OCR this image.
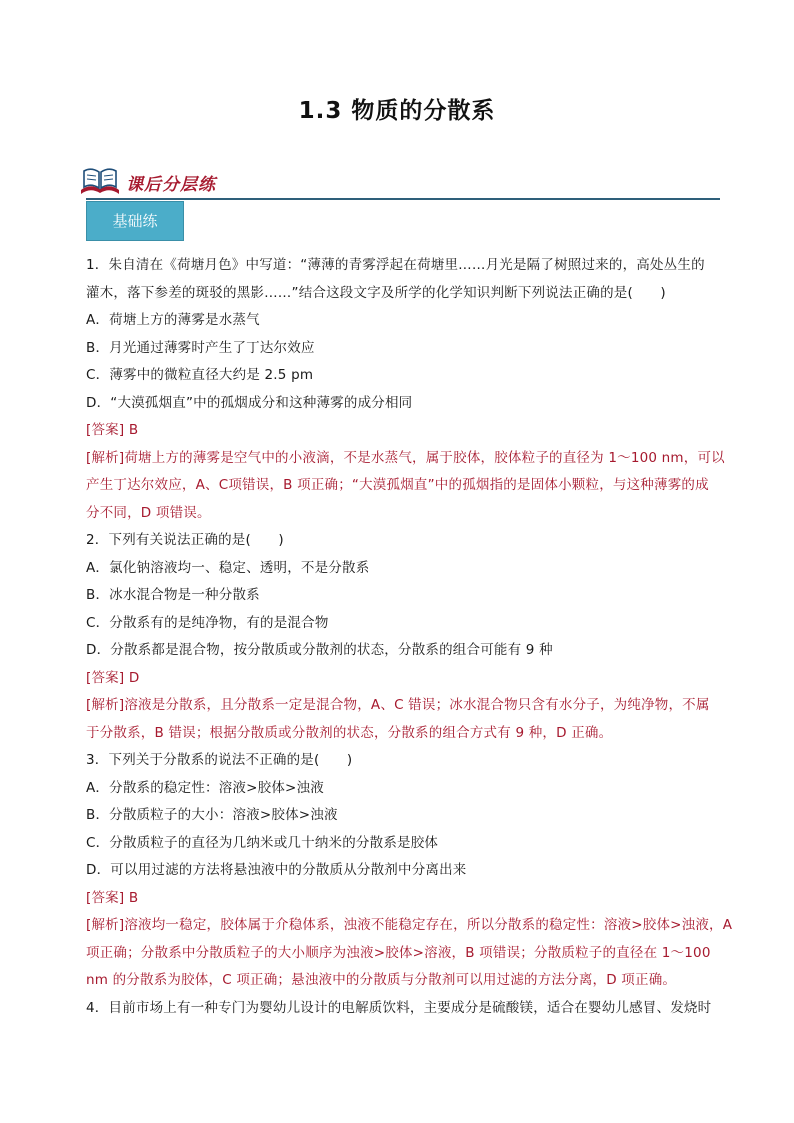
1.3 物质的分散系
课后分层练
基础练
1．朱自清在《荷塘月色》中写道：“薄薄的青雾浮起在荷塘里……月光是隔了树照过来的，高处丛生的
灌木，落下参差的斑驳的黑影……”结合这段文字及所学的化学知识判断下列说法正确的是(　　)
A．荷塘上方的薄雾是水蒸气
B．月光通过薄雾时产生了丁达尔效应
C．薄雾中的微粒直径大约是 2.5 pm
D．“大漠孤烟直”中的孤烟成分和这种薄雾的成分相同
[答案] B
[解析]荷塘上方的薄雾是空气中的小液滴，不是水蒸气，属于胶体，胶体粒子的直径为 1～100 nm，可以
产生丁达尔效应，A、C项错误，B 项正确；“大漠孤烟直”中的孤烟指的是固体小颗粒，与这种薄雾的成
分不同，D 项错误。
2．下列有关说法正确的是(　　)
A．氯化钠溶液均一、稳定、透明，不是分散系
B．冰水混合物是一种分散系
C．分散系有的是纯净物，有的是混合物
D．分散系都是混合物，按分散质或分散剂的状态，分散系的组合可能有 9 种
[答案] D
[解析]溶液是分散系，且分散系一定是混合物，A、C 错误；冰水混合物只含有水分子，为纯净物，不属
于分散系，B 错误；根据分散质或分散剂的状态，分散系的组合方式有 9 种，D 正确。
3．下列关于分散系的说法不正确的是(　　)
A．分散系的稳定性：溶液>胶体>浊液
B．分散质粒子的大小：溶液>胶体>浊液
C．分散质粒子的直径为几纳米或几十纳米的分散系是胶体
D．可以用过滤的方法将悬浊液中的分散质从分散剂中分离出来
[答案] B
[解析]溶液均一稳定，胶体属于介稳体系，浊液不能稳定存在，所以分散系的稳定性：溶液>胶体>浊液，A
项正确；分散系中分散质粒子的大小顺序为浊液>胶体>溶液，B 项错误；分散质粒子的直径在 1～100
nm 的分散系为胶体，C 项正确；悬浊液中的分散质与分散剂可以用过滤的方法分离，D 项正确。
4．目前市场上有一种专门为婴幼儿设计的电解质饮料，主要成分是硫酸镁，适合在婴幼儿感冒、发烧时
